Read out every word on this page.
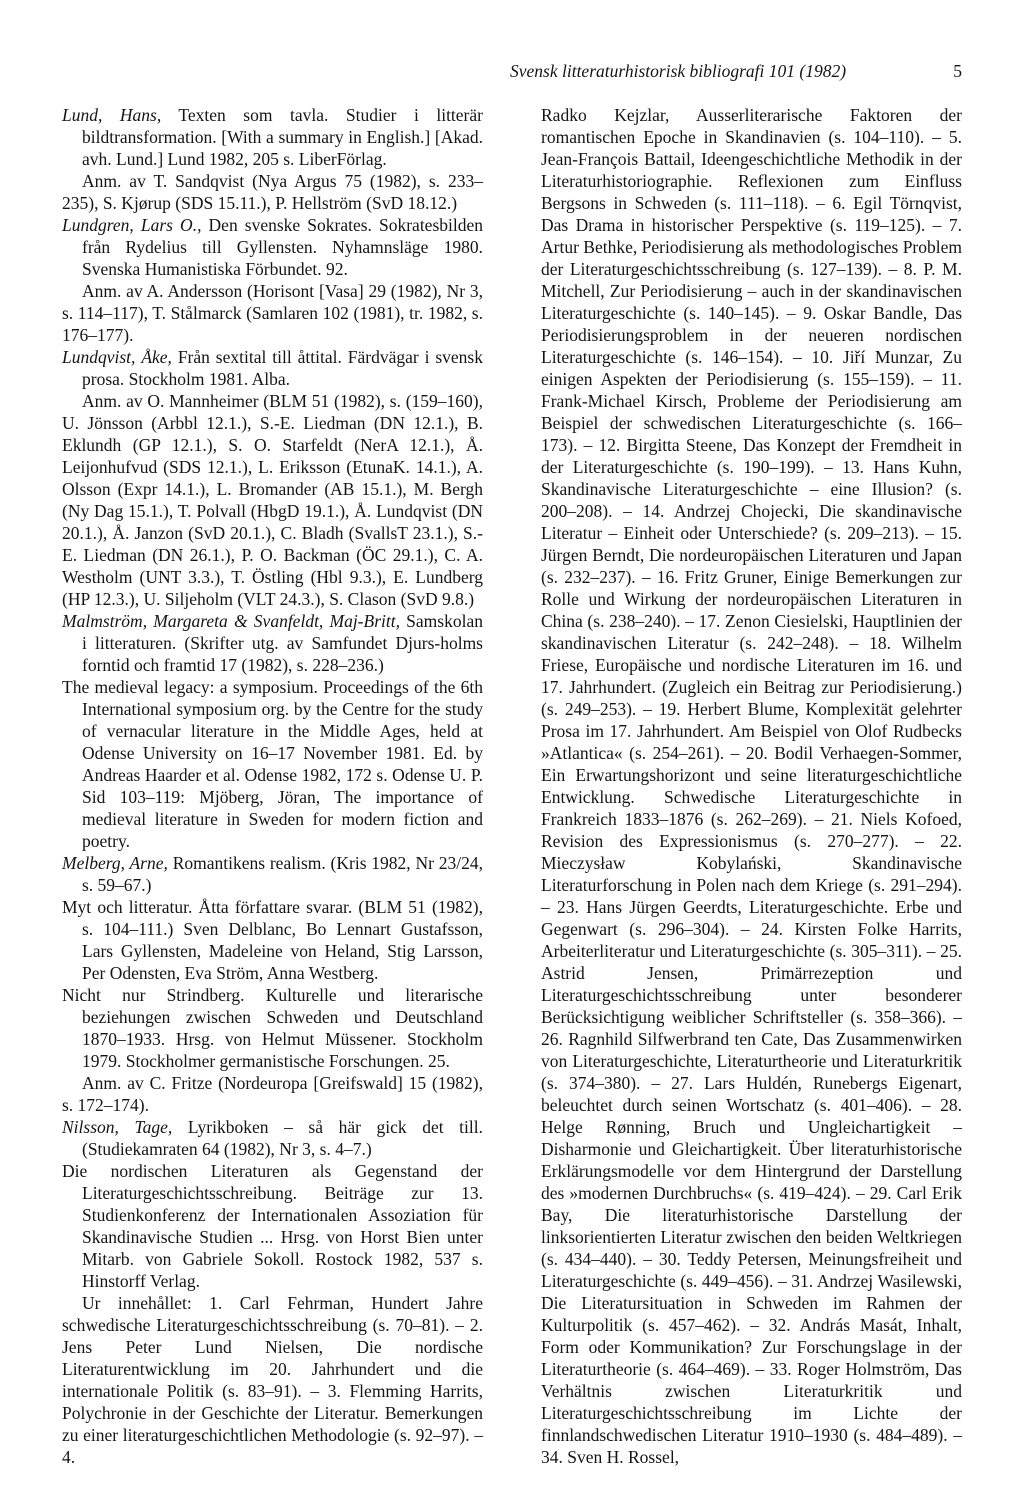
Svensk litteraturhistorisk bibliografi 101 (1982)	5
Lund, Hans, Texten som tavla. Studier i litterär bildtransformation. [With a summary in English.] [Akad. avh. Lund.] Lund 1982, 205 s. LiberFörlag.

Anm. av T. Sandqvist (Nya Argus 75 (1982), s. 233–235), S. Kjørup (SDS 15.11.), P. Hellström (SvD 18.12.)

Lundgren, Lars O., Den svenske Sokrates. Sokratesbilden från Rydelius till Gyllensten. Nyhamnsläge 1980. Svenska Humanistiska Förbundet. 92.

Anm. av A. Andersson (Horisont [Vasa] 29 (1982), Nr 3, s. 114–117), T. Stålmarck (Samlaren 102 (1981), tr. 1982, s. 176–177).

Lundqvist, Åke, Från sextital till åttital. Färdvägar i svensk prosa. Stockholm 1981. Alba.

Anm. av O. Mannheimer (BLM 51 (1982), s. (159–160), U. Jönsson (Arbbl 12.1.), S.-E. Liedman (DN 12.1.), B. Eklundh (GP 12.1.), S. O. Starfeldt (NerA 12.1.), Å. Leijonhufvud (SDS 12.1.), L. Eriksson (EtunaK. 14.1.), A. Olsson (Expr 14.1.), L. Bromander (AB 15.1.), M. Bergh (Ny Dag 15.1.), T. Polvall (HbgD 19.1.), Å. Lundqvist (DN 20.1.), Å. Janzon (SvD 20.1.), C. Bladh (SvallsT 23.1.), S.-E. Liedman (DN 26.1.), P. O. Backman (ÖC 29.1.), C. A. Westholm (UNT 3.3.), T. Östling (Hbl 9.3.), E. Lundberg (HP 12.3.), U. Siljeholm (VLT 24.3.), S. Clason (SvD 9.8.)

Malmström, Margareta & Svanfeldt, Maj-Britt, Samskolan i litteraturen. (Skrifter utg. av Samfundet Djurs-holms forntid och framtid 17 (1982), s. 228–236.)
The medieval legacy: a symposium. Proceedings of the 6th International symposium org. by the Centre for the study of vernacular literature in the Middle Ages, held at Odense University on 16–17 November 1981. Ed. by Andreas Haarder et al. Odense 1982, 172 s. Odense U. P. Sid 103–119: Mjöberg, Jöran, The importance of medieval literature in Sweden for modern fiction and poetry.
Melberg, Arne, Romantikens realism. (Kris 1982, Nr 23/24, s. 59–67.)
Myt och litteratur. Åtta författare svarar. (BLM 51 (1982), s. 104–111.) Sven Delblanc, Bo Lennart Gustafsson, Lars Gyllensten, Madeleine von Heland, Stig Larsson, Per Odensten, Eva Ström, Anna Westberg.
Nicht nur Strindberg. Kulturelle und literarische beziehungen zwischen Schweden und Deutschland 1870–1933. Hrsg. von Helmut Müssener. Stockholm 1979. Stockholmer germanistische Forschungen. 25.

Anm. av C. Fritze (Nordeuropa [Greifswald] 15 (1982), s. 172–174).

Nilsson, Tage, Lyrikboken – så här gick det till. (Studiekamraten 64 (1982), Nr 3, s. 4–7.)
Die nordischen Literaturen als Gegenstand der Literaturgeschichtsschreibung. Beiträge zur 13. Studienkonferenz der Internationalen Assoziation für Skandinavische Studien ... Hrsg. von Horst Bien unter Mitarb. von Gabriele Sokoll. Rostock 1982, 537 s. Hinstorff Verlag.

Ur innehållet: 1. Carl Fehrman, Hundert Jahre schwedische Literaturgeschichtsschreibung (s. 70–81). – 2. Jens Peter Lund Nielsen, Die nordische Literaturentwicklung im 20. Jahrhundert und die internationale Politik (s. 83–91). – 3. Flemming Harrits, Polychronie in der Geschichte der Literatur. Bemerkungen zu einer literaturgeschichtlichen Methodologie (s. 92–97). – 4.

Radko Kejzlar, Ausserliterarische Faktoren der romantischen Epoche in Skandinavien (s. 104–110). – 5. Jean-François Battail, Ideengeschichtliche Methodik in der Literaturhistoriographie. Reflexionen zum Einfluss Bergsons in Schweden (s. 111–118). – 6. Egil Törnqvist, Das Drama in historischer Perspektive (s. 119–125). – 7. Artur Bethke, Periodisierung als methodologisches Problem der Literaturgeschichtsschreibung (s. 127–139). – 8. P. M. Mitchell, Zur Periodisierung – auch in der skandinavischen Literaturgeschichte (s. 140–145). – 9. Oskar Bandle, Das Periodisierungsproblem in der neueren nordischen Literaturgeschichte (s. 146–154). – 10. Jiří Munzar, Zu einigen Aspekten der Periodisierung (s. 155–159). – 11. Frank-Michael Kirsch, Probleme der Periodisierung am Beispiel der schwedischen Literaturgeschichte (s. 166–173). – 12. Birgitta Steene, Das Konzept der Fremdheit in der Literaturgeschichte (s. 190–199). – 13. Hans Kuhn, Skandinavische Literaturgeschichte – eine Illusion? (s. 200–208). – 14. Andrzej Chojecki, Die skandinavische Literatur – Einheit oder Unterschiede? (s. 209–213). – 15. Jürgen Berndt, Die nordeuropäischen Literaturen und Japan (s. 232–237). – 16. Fritz Gruner, Einige Bemerkungen zur Rolle und Wirkung der nordeuropäischen Literaturen in China (s. 238–240). – 17. Zenon Ciesielski, Hauptlinien der skandinavischen Literatur (s. 242–248). – 18. Wilhelm Friese, Europäische und nordische Literaturen im 16. und 17. Jahrhundert. (Zugleich ein Beitrag zur Periodisierung.) (s. 249–253). – 19. Herbert Blume, Komplexität gelehrter Prosa im 17. Jahrhundert. Am Beispiel von Olof Rudbecks »Atlantica« (s. 254–261). – 20. Bodil Verhaegen-Sommer, Ein Erwartungshorizont und seine literaturgeschichtliche Entwicklung. Schwedische Literaturgeschichte in Frankreich 1833–1876 (s. 262–269). – 21. Niels Kofoed, Revision des Expressionismus (s. 270–277). – 22. Mieczysław Kobylański, Skandinavische Literaturforschung in Polen nach dem Kriege (s. 291–294). – 23. Hans Jürgen Geerdts, Literaturgeschichte. Erbe und Gegenwart (s. 296–304). – 24. Kirsten Folke Harrits, Arbeiterliteratur und Literaturgeschichte (s. 305–311). – 25. Astrid Jensen, Primärrezeption und Literaturgeschichtsschreibung unter besonderer Berücksichtigung weiblicher Schriftsteller (s. 358–366). – 26. Ragnhild Silfwerbrand ten Cate, Das Zusammenwirken von Literaturgeschichte, Literaturtheorie und Literaturkritik (s. 374–380). – 27. Lars Huldén, Runebergs Eigenart, beleuchtet durch seinen Wortschatz (s. 401–406). – 28. Helge Rønning, Bruch und Ungleichartigkeit – Disharmonie und Gleichartigkeit. Über literaturhistorische Erklärungsmodelle vor dem Hintergrund der Darstellung des »modernen Durchbruchs« (s. 419–424). – 29. Carl Erik Bay, Die literaturhistorische Darstellung der linksorientierten Literatur zwischen den beiden Weltkriegen (s. 434–440). – 30. Teddy Petersen, Meinungsfreiheit und Literaturgeschichte (s. 449–456). – 31. Andrzej Wasilewski, Die Literatursituation in Schweden im Rahmen der Kulturpolitik (s. 457–462). – 32. András Masát, Inhalt, Form oder Kommunikation? Zur Forschungslage in der Literaturtheorie (s. 464–469). – 33. Roger Holmström, Das Verhältnis zwischen Literaturkritik und Literaturgeschichtsschreibung im Lichte der finnlandschwedischen Literatur 1910–1930 (s. 484–489). – 34. Sven H. Rossel,
